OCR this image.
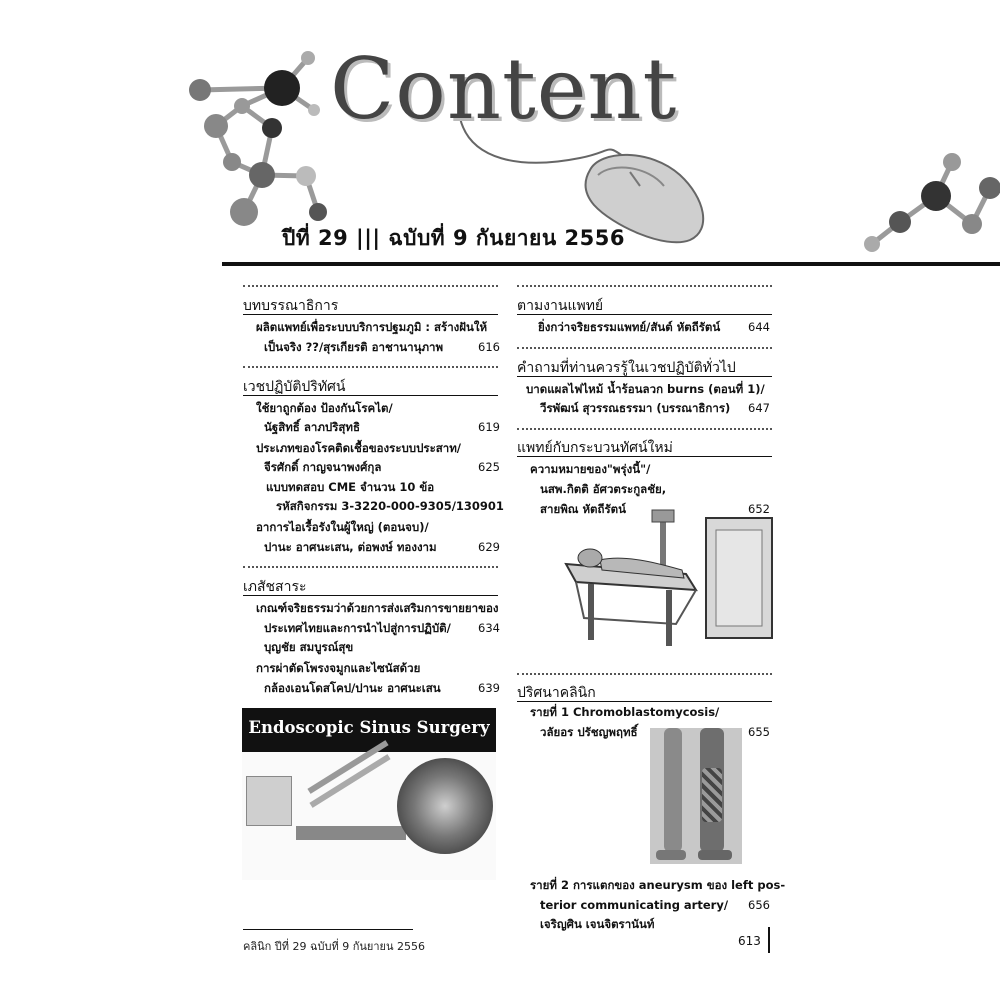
Content
ปีที่ 29 ||| ฉบับที่ 9 กันยายน 2556
บทบรรณาธิการ
ผลิตแพทย์เพื่อระบบบริการปฐมภูมิ : สร้างฝันให้
เป็นจริง ??/สุรเกียรติ อาชานานุภาพ	616
เวชปฏิบัติปริทัศน์
ใช้ยาถูกต้อง ป้องกันโรคไต/
นัฐสิทธิ์ ลาภปริสุทธิ	619
ประเภทของโรคติดเชื้อของระบบประสาท/
จีรศักดิ์ กาญจนาพงศ์กุล	625
แบบทดสอบ CME จำนวน 10 ข้อ
รหัสกิจกรรม 3-3220-000-9305/130901
อาการไอเรื้อรังในผู้ใหญ่ (ตอนจบ)/
ปานะ อาศนะเสน, ต่อพงษ์ ทองงาม	629
เภสัชสาระ
เกณฑ์จริยธรรมว่าด้วยการส่งเสริมการขายยาของ
ประเทศไทยและการนำไปสู่การปฏิบัติ/ 634
บุญชัย สมบูรณ์สุข
การผ่าตัดโพรงจมูกและไซนัสด้วย
กล้องเอนโดสโคป/ปานะ อาศนะเสน	639
Endoscopic Sinus Surgery
คลินิก ปีที่ 29 ฉบับที่ 9 กันยายน 2556
ตามงานแพทย์
ยิ่งกว่าจริยธรรมแพทย์/สันต์ หัตถีรัตน์ 644
คำถามที่ท่านควรรู้ในเวชปฏิบัติทั่วไป
บาดแผลไฟไหม้ น้ำร้อนลวก burns (ตอนที่ 1)/
วีรพัฒน์ สุวรรณธรรมา (บรรณาธิการ) 647
แพทย์กับกระบวนทัศน์ใหม่
ความหมายของ"พรุ่งนี้"/
นสพ.กิตติ อัศวตระกูลชัย,
สายพิณ หัตถีรัตน์	652
ปริศนาคลินิก
รายที่ 1 Chromoblastomycosis/
วลัยอร ปรัชญพฤทธิ์	655
รายที่ 2 การแตกของ aneurysm ของ left pos-
terior communicating artery/ 656
เจริญศิน เจนจิตรานันท์
613
